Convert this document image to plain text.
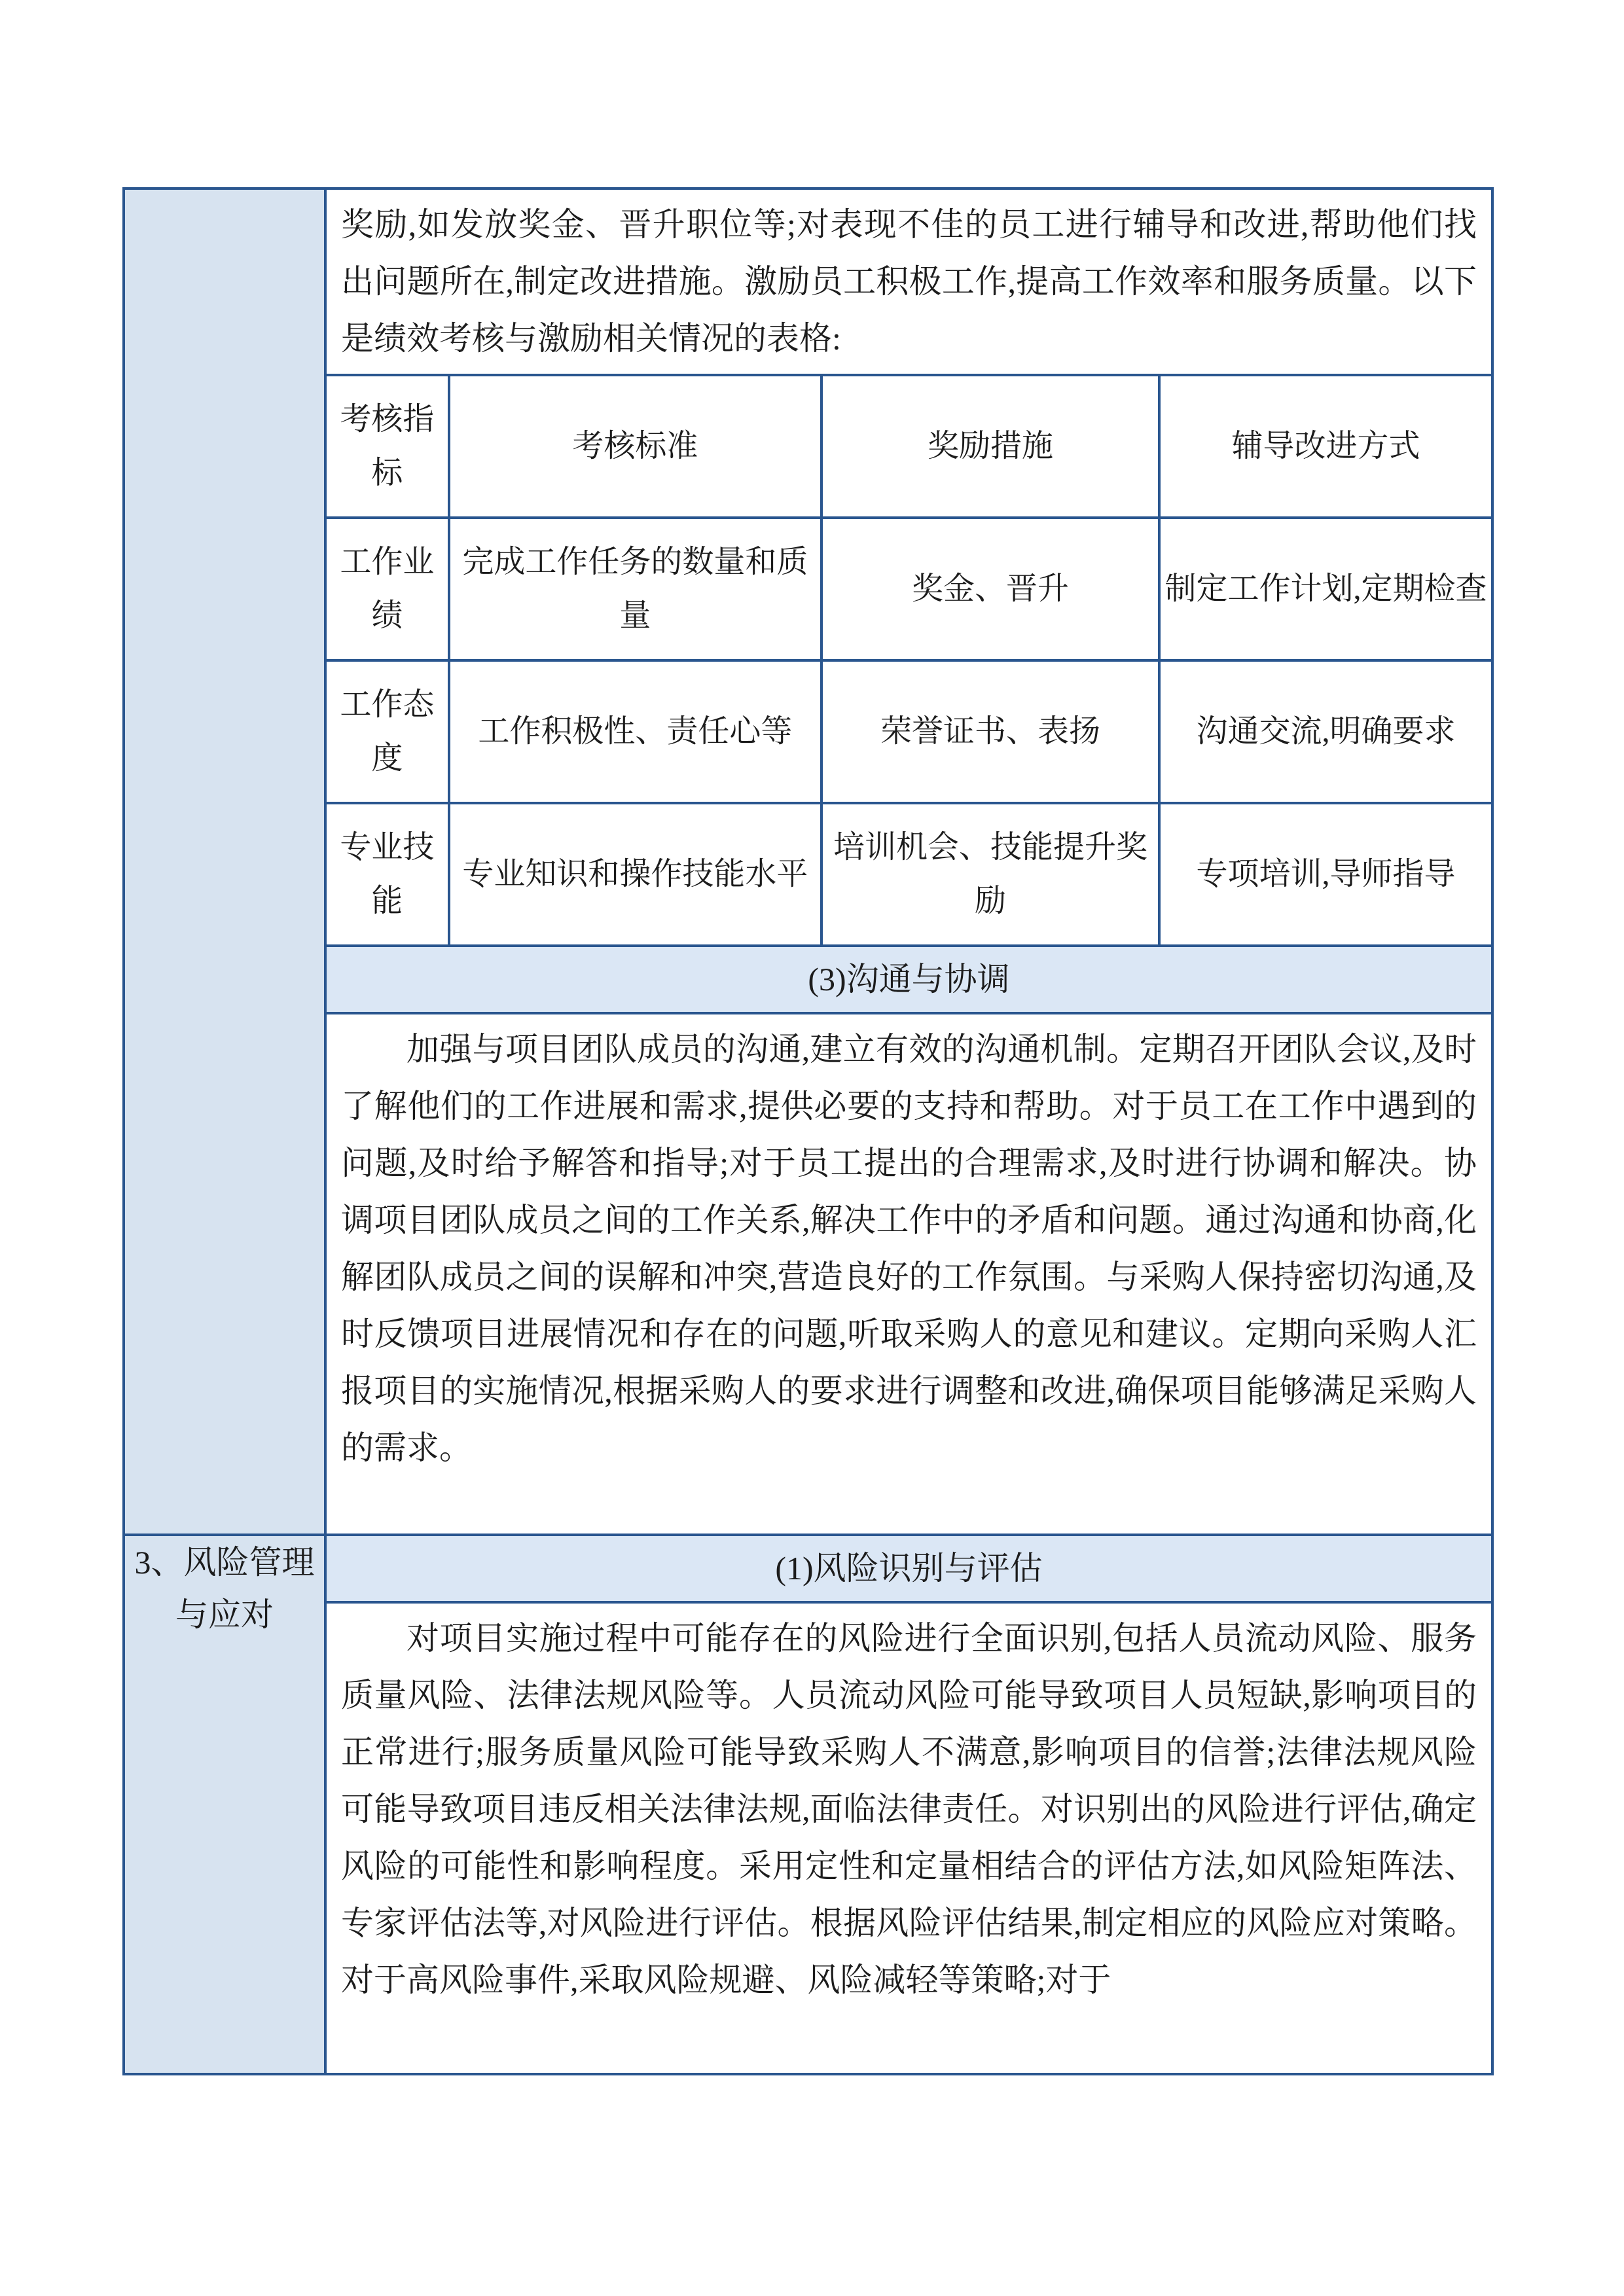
奖励,如发放奖金、晋升职位等;对表现不佳的员工进行辅导和改进,帮助他们找出问题所在,制定改进措施。激励员工积极工作,提高工作效率和服务质量。以下是绩效考核与激励相关情况的表格:
考核指标	考核标准	奖励措施	辅导改进方式
工作业绩	完成工作任务的数量和质量	奖金、晋升	制定工作计划,定期检查
工作态度	工作积极性、责任心等	荣誉证书、表扬	沟通交流,明确要求
专业技能	专业知识和操作技能水平	培训机会、技能提升奖励	专项培训,导师指导
(3)沟通与协调
加强与项目团队成员的沟通,建立有效的沟通机制。定期召开团队会议,及时了解他们的工作进展和需求,提供必要的支持和帮助。对于员工在工作中遇到的问题,及时给予解答和指导;对于员工提出的合理需求,及时进行协调和解决。协调项目团队成员之间的工作关系,解决工作中的矛盾和问题。通过沟通和协商,化解团队成员之间的误解和冲突,营造良好的工作氛围。与采购人保持密切沟通,及时反馈项目进展情况和存在的问题,听取采购人的意见和建议。定期向采购人汇报项目的实施情况,根据采购人的要求进行调整和改进,确保项目能够满足采购人的需求。

3、风险管理与应对	
(1)风险识别与评估
对项目实施过程中可能存在的风险进行全面识别,包括人员流动风险、服务质量风险、法律法规风险等。人员流动风险可能导致项目人员短缺,影响项目的正常进行;服务质量风险可能导致采购人不满意,影响项目的信誉;法律法规风险可能导致项目违反相关法律法规,面临法律责任。对识别出的风险进行评估,确定风险的可能性和影响程度。采用定性和定量相结合的评估方法,如风险矩阵法、专家评估法等,对风险进行评估。根据风险评估结果,制定相应的风险应对策略。对于高风险事件,采取风险规避、风险减轻等策略;对于
